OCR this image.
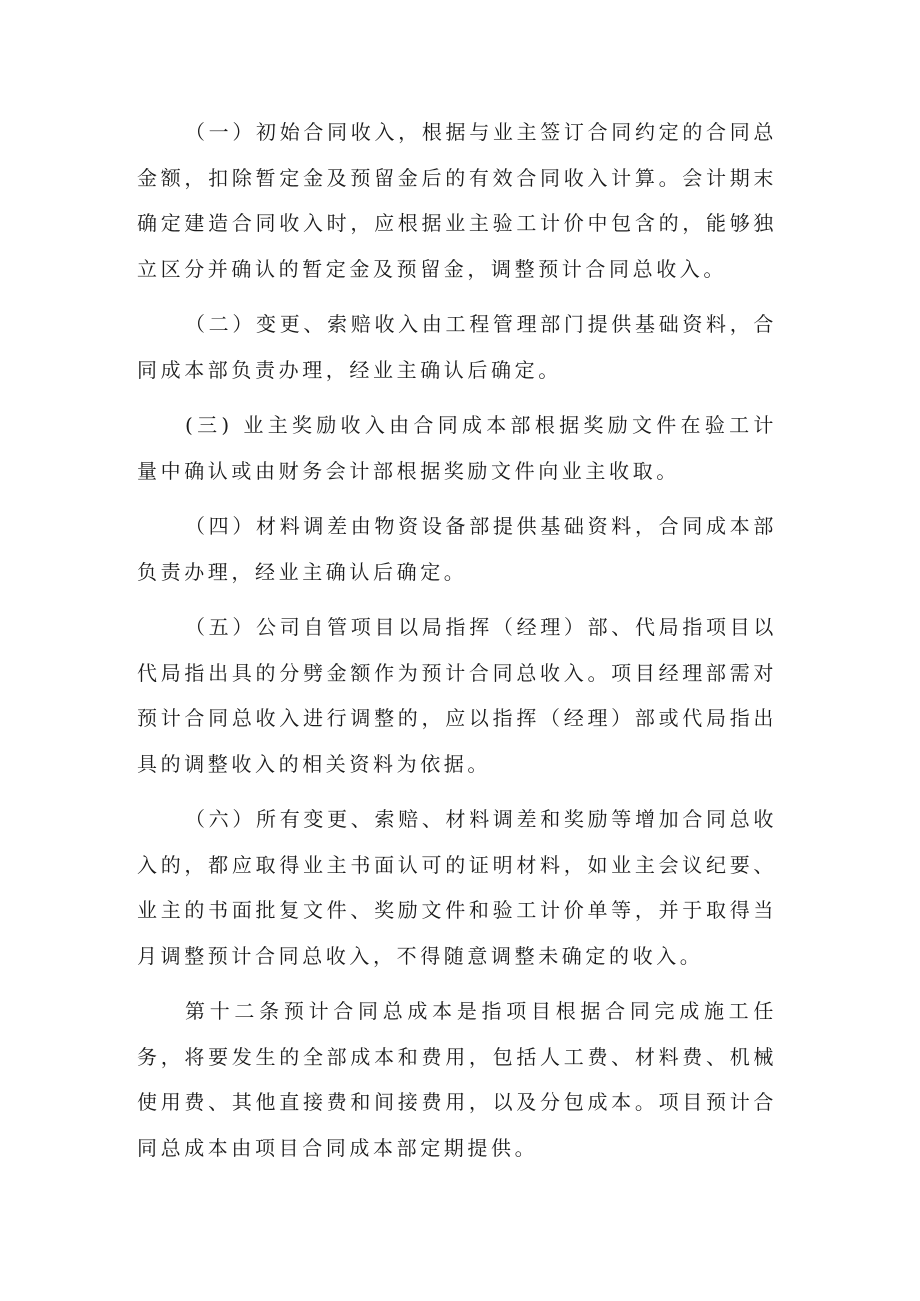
（一）初始合同收入，根据与业主签订合同约定的合同总金额，扣除暂定金及预留金后的有效合同收入计算。会计期末确定建造合同收入时，应根据业主验工计价中包含的，能够独立区分并确认的暂定金及预留金，调整预计合同总收入。

（二）变更、索赔收入由工程管理部门提供基础资料，合同成本部负责办理，经业主确认后确定。

(三) 业主奖励收入由合同成本部根据奖励文件在验工计量中确认或由财务会计部根据奖励文件向业主收取。

（四）材料调差由物资设备部提供基础资料，合同成本部负责办理，经业主确认后确定。

（五）公司自管项目以局指挥（经理）部、代局指项目以代局指出具的分劈金额作为预计合同总收入。项目经理部需对预计合同总收入进行调整的，应以指挥（经理）部或代局指出具的调整收入的相关资料为依据。

（六）所有变更、索赔、材料调差和奖励等增加合同总收入的，都应取得业主书面认可的证明材料，如业主会议纪要、业主的书面批复文件、奖励文件和验工计价单等，并于取得当月调整预计合同总收入，不得随意调整未确定的收入。

第十二条预计合同总成本是指项目根据合同完成施工任务，将要发生的全部成本和费用，包括人工费、材料费、机械使用费、其他直接费和间接费用，以及分包成本。项目预计合同总成本由项目合同成本部定期提供。
